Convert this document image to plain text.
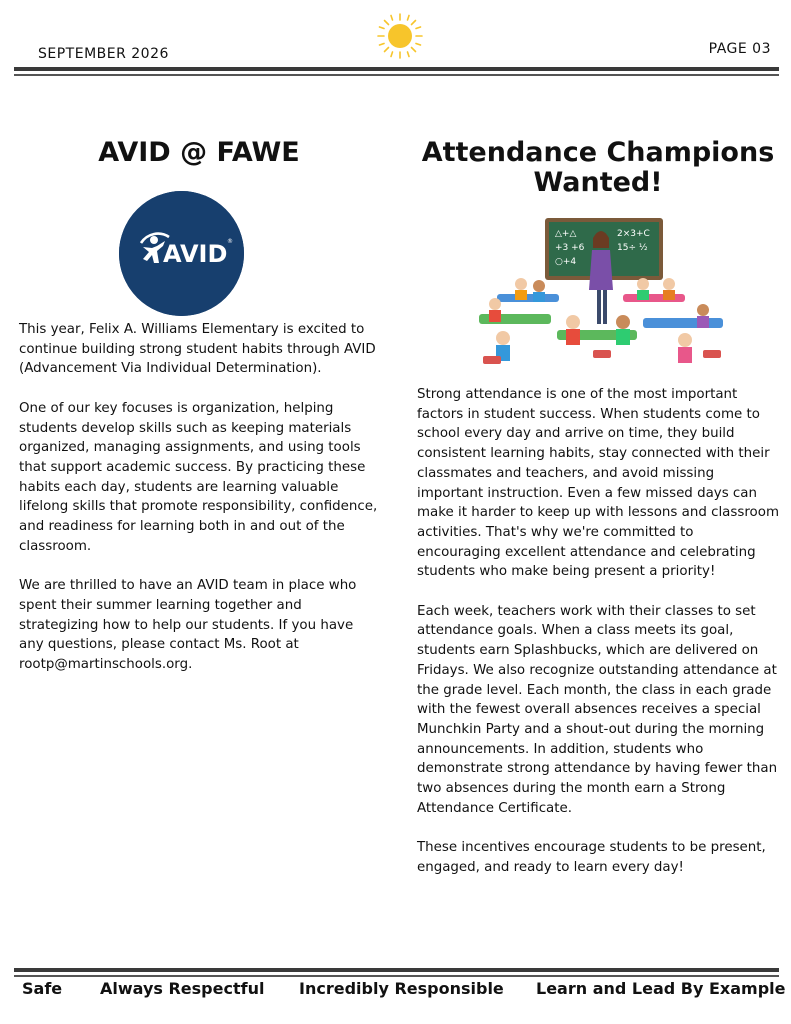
SEPTEMBER 2026	PAGE 03
AVID @ FAWE
AVID ®

This year, Felix A. Williams Elementary is excited to continue building strong student habits through AVID (Advancement Via Individual Determination).

One of our key focuses is organization, helping students develop skills such as keeping materials organized, managing assignments, and using tools that support academic success. By practicing these habits each day, students are learning valuable lifelong skills that promote responsibility, confidence, and readiness for learning both in and out of the classroom.

We are thrilled to have an AVID team in place who spent their summer learning together and strategizing how to help our students. If you have any questions, please contact Ms. Root at rootp@martinschools.org.

Attendance Champions
Wanted!
△+△	2×3+C
+3 +6	15÷ ½
○+4

Strong attendance is one of the most important factors in student success. When students come to school every day and arrive on time, they build consistent learning habits, stay connected with their classmates and teachers, and avoid missing important instruction. Even a few missed days can make it harder to keep up with lessons and classroom activities. That's why we're committed to encouraging excellent attendance and celebrating students who make being present a priority!

Each week, teachers work with their classes to set attendance goals. When a class meets its goal, students earn Splashbucks, which are delivered on Fridays. We also recognize outstanding attendance at the grade level. Each month, the class in each grade with the fewest overall absences receives a special Munchkin Party and a shout-out during the morning announcements. In addition, students who demonstrate strong attendance by having fewer than two absences during the month earn a Strong Attendance Certificate.

These incentives encourage students to be present, engaged, and ready to learn every day!

Safe Always Respectful Incredibly Responsible Learn and Lead By Example
